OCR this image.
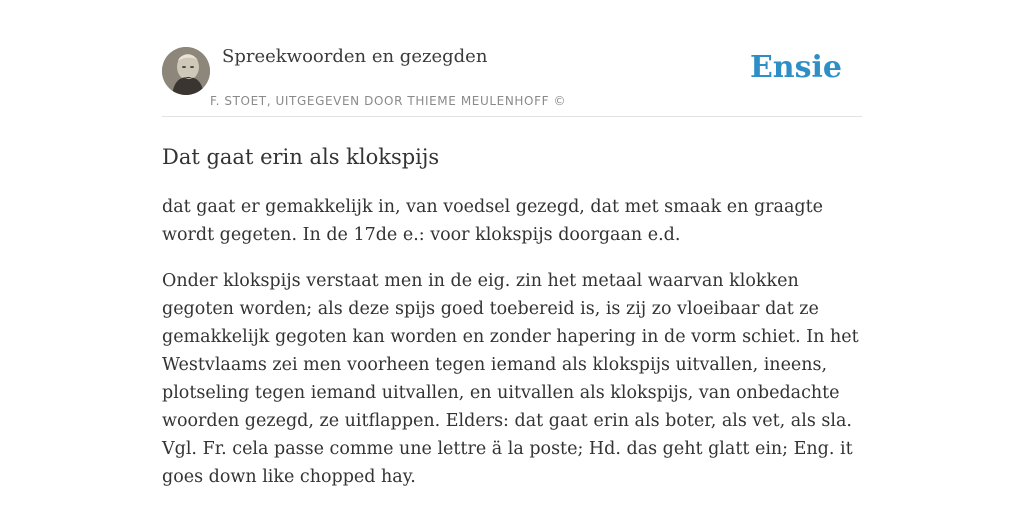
Spreekwoorden en gezegden
F. STOET, UITGEGEVEN DOOR THIEME MEULENHOFF ©
Ensie
Dat gaat erin als klokspijs

dat gaat er gemakkelijk in, van voedsel gezegd, dat met smaak en graagte wordt gegeten. In de 17de e.: voor klokspijs doorgaan e.d.

Onder klokspijs verstaat men in de eig. zin het metaal waarvan klokken gegoten worden; als deze spijs goed toebereid is, is zij zo vloeibaar dat ze gemakkelijk gegoten kan worden en zonder hapering in de vorm schiet. In het Westvlaams zei men voorheen tegen iemand als klokspijs uitvallen, ineens, plotseling tegen iemand uitvallen, en uitvallen als klokspijs, van onbedachte woorden gezegd, ze uitflappen. Elders: dat gaat erin als boter, als vet, als sla. Vgl. Fr. cela passe comme une lettre ä la poste; Hd. das geht glatt ein; Eng. it goes down like chopped hay.
